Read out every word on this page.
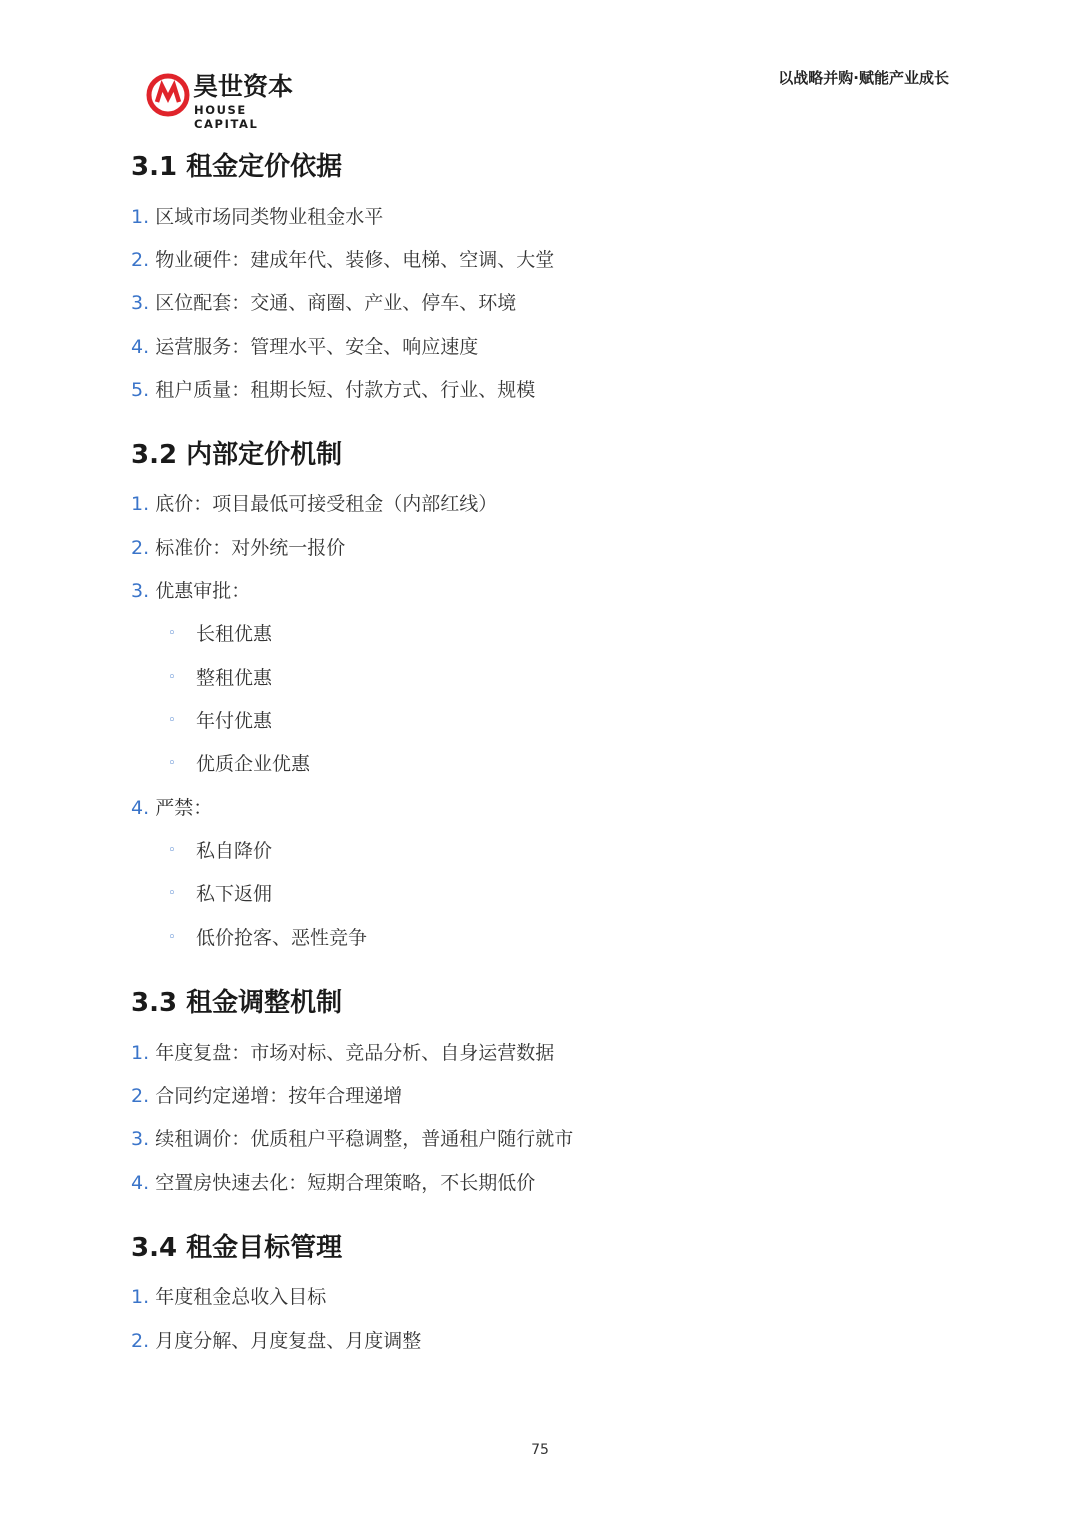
昊世资本
HOUSE CAPITAL
以战略并购·赋能产业成长
3.1 租金定价依据
1. 区域市场同类物业租金水平
2. 物业硬件：建成年代、装修、电梯、空调、大堂
3. 区位配套：交通、商圈、产业、停车、环境
4. 运营服务：管理水平、安全、响应速度
5. 租户质量：租期长短、付款方式、行业、规模
3.2 内部定价机制
1. 底价：项目最低可接受租金（内部红线）
2. 标准价：对外统一报价
3. 优惠审批：
◦ 长租优惠
◦ 整租优惠
◦ 年付优惠
◦ 优质企业优惠
4. 严禁：
◦ 私自降价
◦ 私下返佣
◦ 低价抢客、恶性竞争
3.3 租金调整机制
1. 年度复盘：市场对标、竞品分析、自身运营数据
2. 合同约定递增：按年合理递增
3. 续租调价：优质租户平稳调整，普通租户随行就市
4. 空置房快速去化：短期合理策略，不长期低价
3.4 租金目标管理
1. 年度租金总收入目标
2. 月度分解、月度复盘、月度调整
75
